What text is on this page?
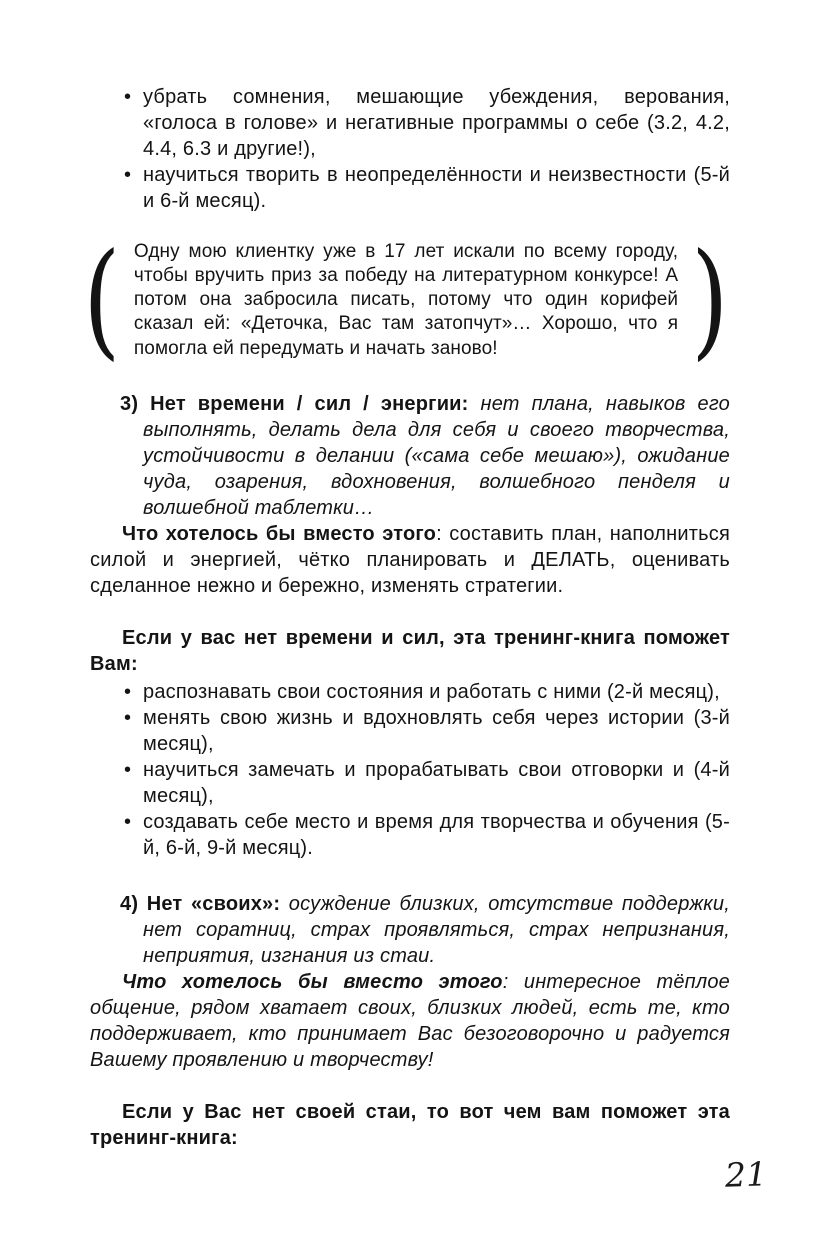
• убрать сомнения, мешающие убеждения, верования, «голоса в голове» и негативные программы о себе (3.2, 4.2, 4.4, 6.3 и другие!),
• научиться творить в неопределённости и неизвестности (5-й и 6-й месяц).
( Одну мою клиентку уже в 17 лет искали по всему городу, чтобы вручить приз за победу на литературном конкурсе! А потом она забросила писать, потому что один корифей сказал ей: «Деточка, Вас там затопчут»… Хорошо, что я помогла ей передумать и начать заново!	)

3) Нет времени / сил / энергии: нет плана, навыков его выполнять, делать дела для себя и своего творчества, устойчивости в делании («сама себе мешаю»), ожидание чуда, озарения, вдохновения, волшебного пенделя и волшебной таблетки…

Что хотелось бы вместо этого: составить план, наполниться силой и энергией, чётко планировать и ДЕЛАТЬ, оценивать сделанное нежно и бережно, изменять стратегии.

Если у вас нет времени и сил, эта тренинг-книга поможет Вам:

• распознавать свои состояния и работать с ними (2-й месяц),
• менять свою жизнь и вдохновлять себя через истории (3-й месяц),
• научиться замечать и прорабатывать свои отговорки и (4-й месяц),
• создавать себе место и время для творчества и обучения (5-й, 6-й, 9-й месяц).

4) Нет «своих»: осуждение близких, отсутствие поддержки, нет соратниц, страх проявляться, страх непризнания, неприятия, изгнания из стаи.

Что хотелось бы вместо этого: интересное тёплое общение, рядом хватает своих, близких людей, есть те, кто поддерживает, кто принимает Вас безоговорочно и радуется Вашему проявлению и творчеству!

Если у Вас нет своей стаи, то вот чем вам поможет эта тренинг-книга:

21
